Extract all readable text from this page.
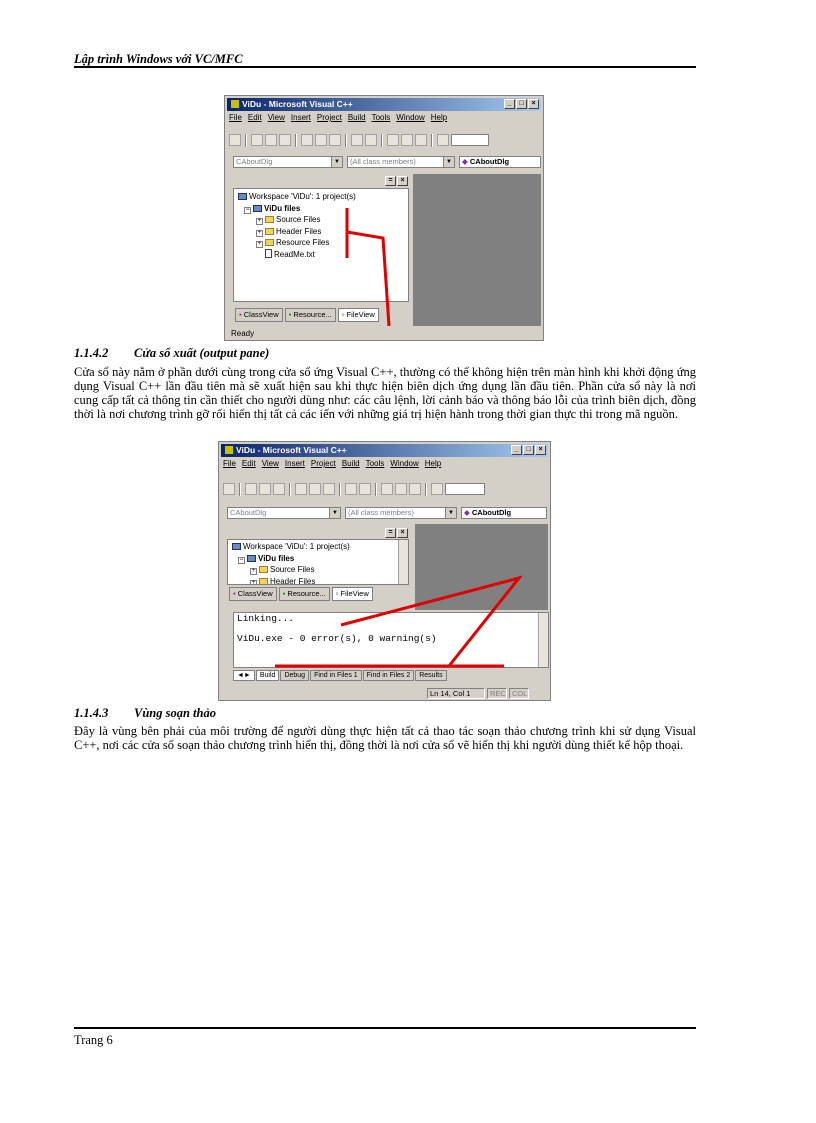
Lập trình Windows với VC/MFC
ViDu - Microsoft Visual C++	_	□	×
File Edit View Insert Project Build Tools Window Help
CAboutDlg	▼	(All class members)	▼	◆ CAboutDlg
=	×
Workspace 'ViDu': 1 project(s)
− ViDu files
+ Source Files
+ Header Files
+ Resource Files
ReadMe.txt
▪ ClassView	▪ Resource...	▫ FileView
Ready
1.1.4.2 Cửa sổ xuất (output pane)

Cửa sổ này nằm ở phần dưới cùng trong cửa sổ ứng Visual C++, thường có thể không hiện trên màn hình khi khởi động ứng dụng Visual C++ lần đầu tiên mà sẽ xuất hiện sau khi thực hiện biên dịch ứng dụng lần đầu tiên. Phần cửa sổ này là nơi cung cấp tất cả thông tin cần thiết cho người dùng như: các câu lệnh, lời cảnh báo và thông báo lỗi của trình biên dịch, đồng thời là nơi chương trình gỡ rối hiển thị tất cả các iến với những giá trị hiện hành trong thời gian thực thi trong mã nguồn.

ViDu - Microsoft Visual C++	_	□	×
File Edit View Insert Project Build Tools Window Help
CAboutDlg	▼	(All class members)	▼	◆ CAboutDlg
=	×
Workspace 'ViDu': 1 project(s)
− ViDu files
+ Source Files
+ Header Files
▪ ClassView	▪ Resource...	▫ FileView
Linking...
ViDu.exe - 0 error(s), 0 warning(s)
◄►	Build	Debug	Find in Files 1	Find in Files 2	Results
Ln 14, Col 1	REC COL
1.1.4.3 Vùng soạn thảo

Đây là vùng bên phải của môi trường để người dùng thực hiện tất cả thao tác soạn thảo chương trình khi sử dụng Visual C++, nơi các cửa sổ soạn thảo chương trình hiển thị, đồng thời là nơi cửa sổ vẽ hiển thị khi người dùng thiết kế hộp thoại.

Trang 6
